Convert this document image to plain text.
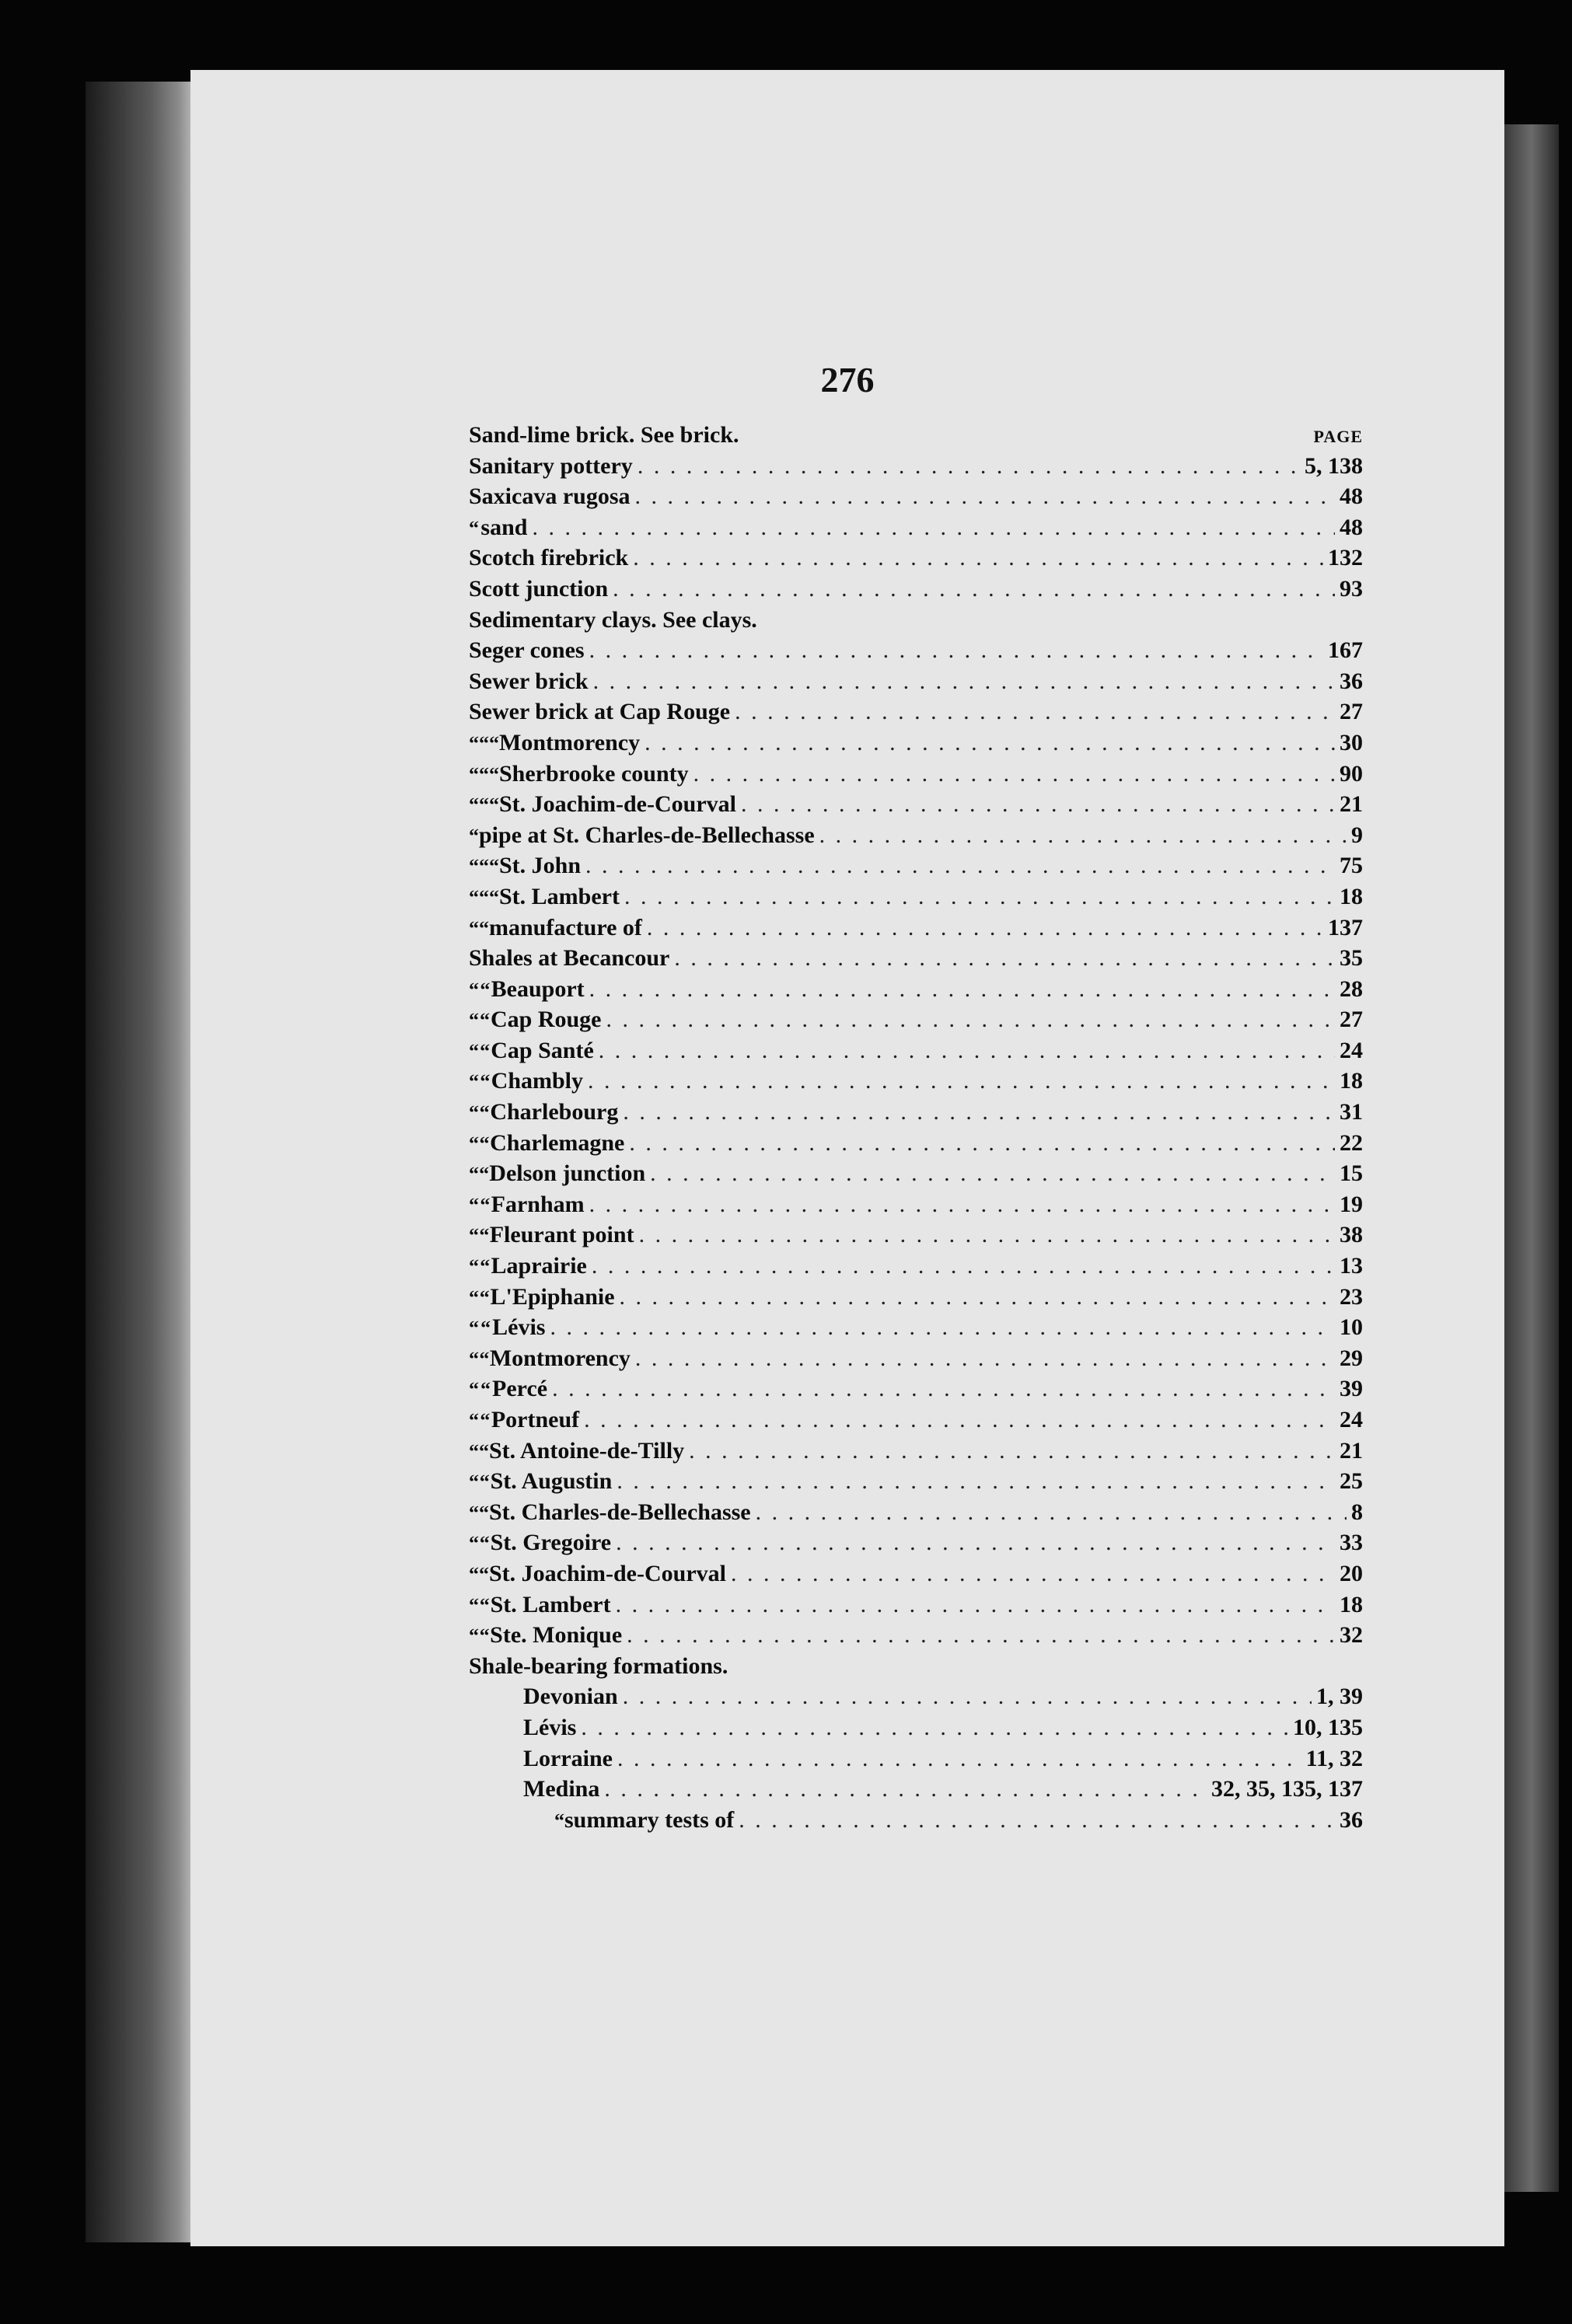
276
Sand-lime brick. See brick.	PAGE
Sanitary pottery . . .	5, 138
Saxicava rugosa . . .	48
“ sand . . .	48
Scotch firebrick . . .	132
Scott junction . . .	93
Sedimentary clays. See clays.
Seger cones . . .	167
Sewer brick . . .	36
Sewer brick at Cap Rouge . . .	27
“ “ “ Montmorency . . .	30
“ “ “ Sherbrooke county . . .	90
“ “ “ St. Joachim-de-Courval . . .	21
“ pipe at St. Charles-de-Bellechasse . . .	9
“ “ “ St. John . . .	75
“ “ “ St. Lambert . . .	18
“ “ manufacture of . . .	137
Shales at Becancour . . .	35
“ “ Beauport . . .	28
“ “ Cap Rouge . . .	27
“ “ Cap Santé . . .	24
“ “ Chambly . . .	18
“ “ Charlebourg . . .	31
“ “ Charlemagne . . .	22
“ “ Delson junction . . .	15
“ “ Farnham . . .	19
“ “ Fleurant point . . .	38
“ “ Laprairie . . .	13
“ “ L'Epiphanie . . .	23
“ “ Lévis . . .	10
“ “ Montmorency . . .	29
“ “ Percé . . .	39
“ “ Portneuf . . .	24
“ “ St. Antoine-de-Tilly . . .	21
“ “ St. Augustin . . .	25
“ “ St. Charles-de-Bellechasse . . .	8
“ “ St. Gregoire . . .	33
“ “ St. Joachim-de-Courval . . .	20
“ “ St. Lambert . . .	18
“ “ Ste. Monique . . .	32
Shale-bearing formations.
Devonian . . .	1, 39
Lévis . . .	10, 135
Lorraine . . .	11, 32
Medina . . .	32, 35, 135, 137
“ summary tests of . . .	36
